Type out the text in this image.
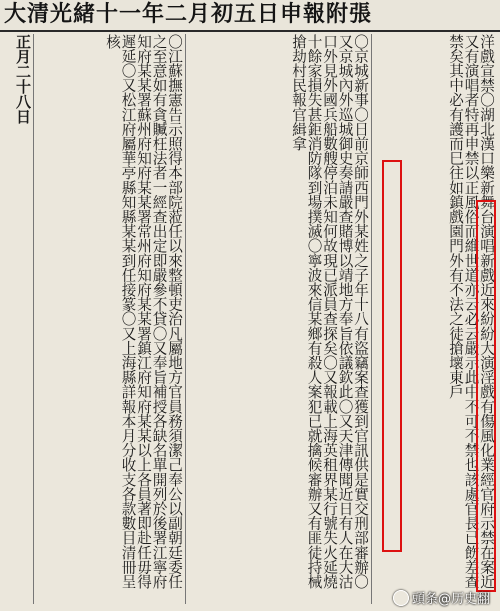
大清光緒十一年二月初五日申報附張
洋戲宣禁〇湖北漢口樂新舞台演唱新戲近來紛紛大演淫戲有傷風化業經官府示禁在案近又有演唱者特再申禁以正風俗而維世道亦云必云嚴示此中不可不禁也該處官長已飭差查禁矣其中必有護而巳往如鎮戲園門外有不法之徒搶壞東戶
〇京城新事〇日前京師西門外某姓之子年十八有盜竊案查獲到官訊供是實交刑部審辦〇又京城內外巡城御史奏請嚴查賭博以靖地方奉旨依議欽此〇又天津傳聞近日有人在大沽口外見外國兵船數艘停泊未知何故現已派員查探矣〇又報載上海英租界某行號失火延燒十餘家損失甚鉅消防隊到場撲滅〇寧波來信某鄉有殺人案犯已就擒候審辦又有匪徒持械搶劫村民報官緝拿
〇江蘇撫憲告示照得本部院蒞任以來整頓吏治凡屬地方官員務須潔己奉公以副朝廷委任之至意如有貪贓枉法者一經查出定即嚴參不貸〇又奉旨補授各缺名單開列於後署江寧府知府某某署蘇州府知府某某署常州府知府某某署鎮江府知府某某以上各員著即赴任毋得遲延〇又松江府屬華亭縣知縣某某到任接篆〇又上海縣詳報本月分收支各款數目清冊呈核
正月二十八日
頭条@历史翻
